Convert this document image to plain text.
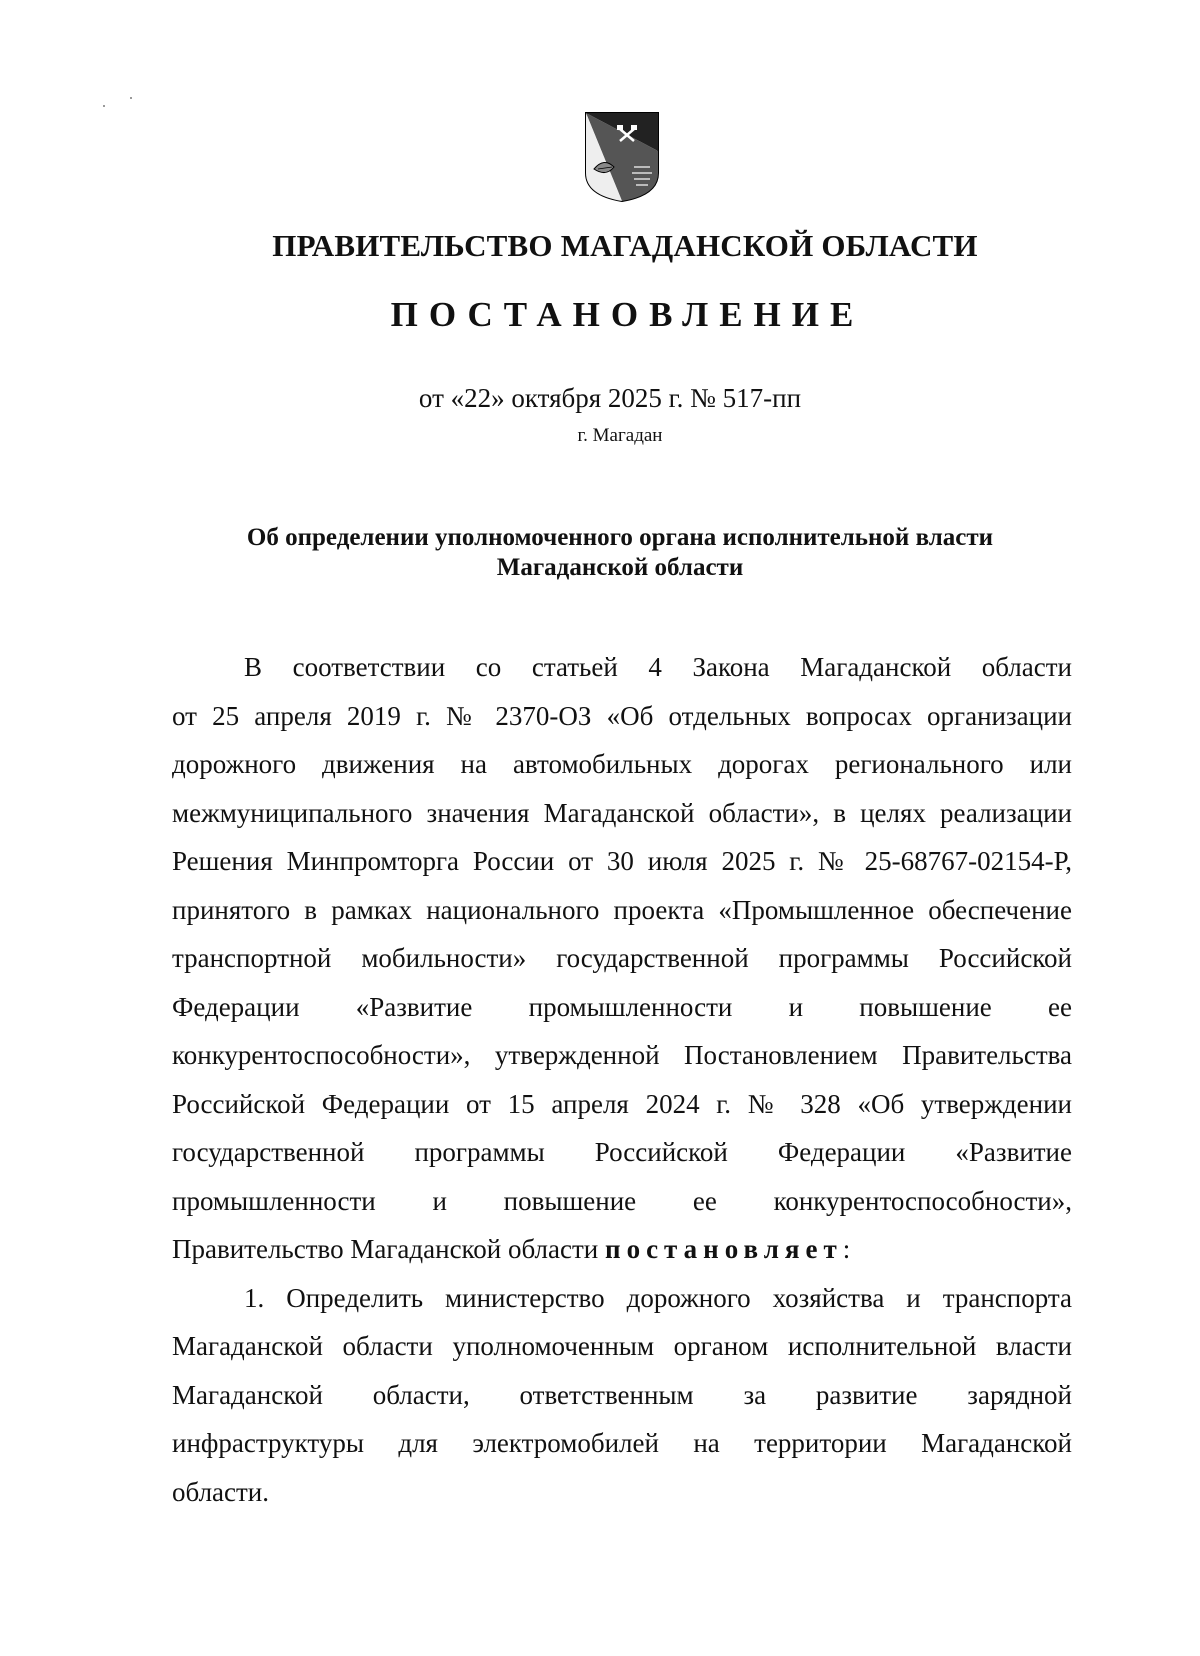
ПРАВИТЕЛЬСТВО МАГАДАНСКОЙ ОБЛАСТИ
ПОСТАНОВЛЕНИЕ
от «22» октября 2025 г. № 517-пп
г. Магадан
Об определении уполномоченного органа исполнительной власти
Магаданской области
В соответствии со статьей 4 Закона Магаданской области
от 25 апреля 2019 г. № 2370-ОЗ «Об отдельных вопросах организации
дорожного движения на автомобильных дорогах регионального или
межмуниципального значения Магаданской области», в целях реализации
Решения Минпромторга России от 30 июля 2025 г. № 25-68767-02154-Р,
принятого в рамках национального проекта «Промышленное обеспечение
транспортной мобильности» государственной программы Российской
Федерации «Развитие промышленности и повышение ее
конкурентоспособности», утвержденной Постановлением Правительства
Российской Федерации от 15 апреля 2024 г. № 328 «Об утверждении
государственной программы Российской Федерации «Развитие
промышленности и повышение ее конкурентоспособности»,
Правительство Магаданской области постановляет:
1. Определить министерство дорожного хозяйства и транспорта
Магаданской области уполномоченным органом исполнительной власти
Магаданской области, ответственным за развитие зарядной
инфраструктуры для электромобилей на территории Магаданской
области.
